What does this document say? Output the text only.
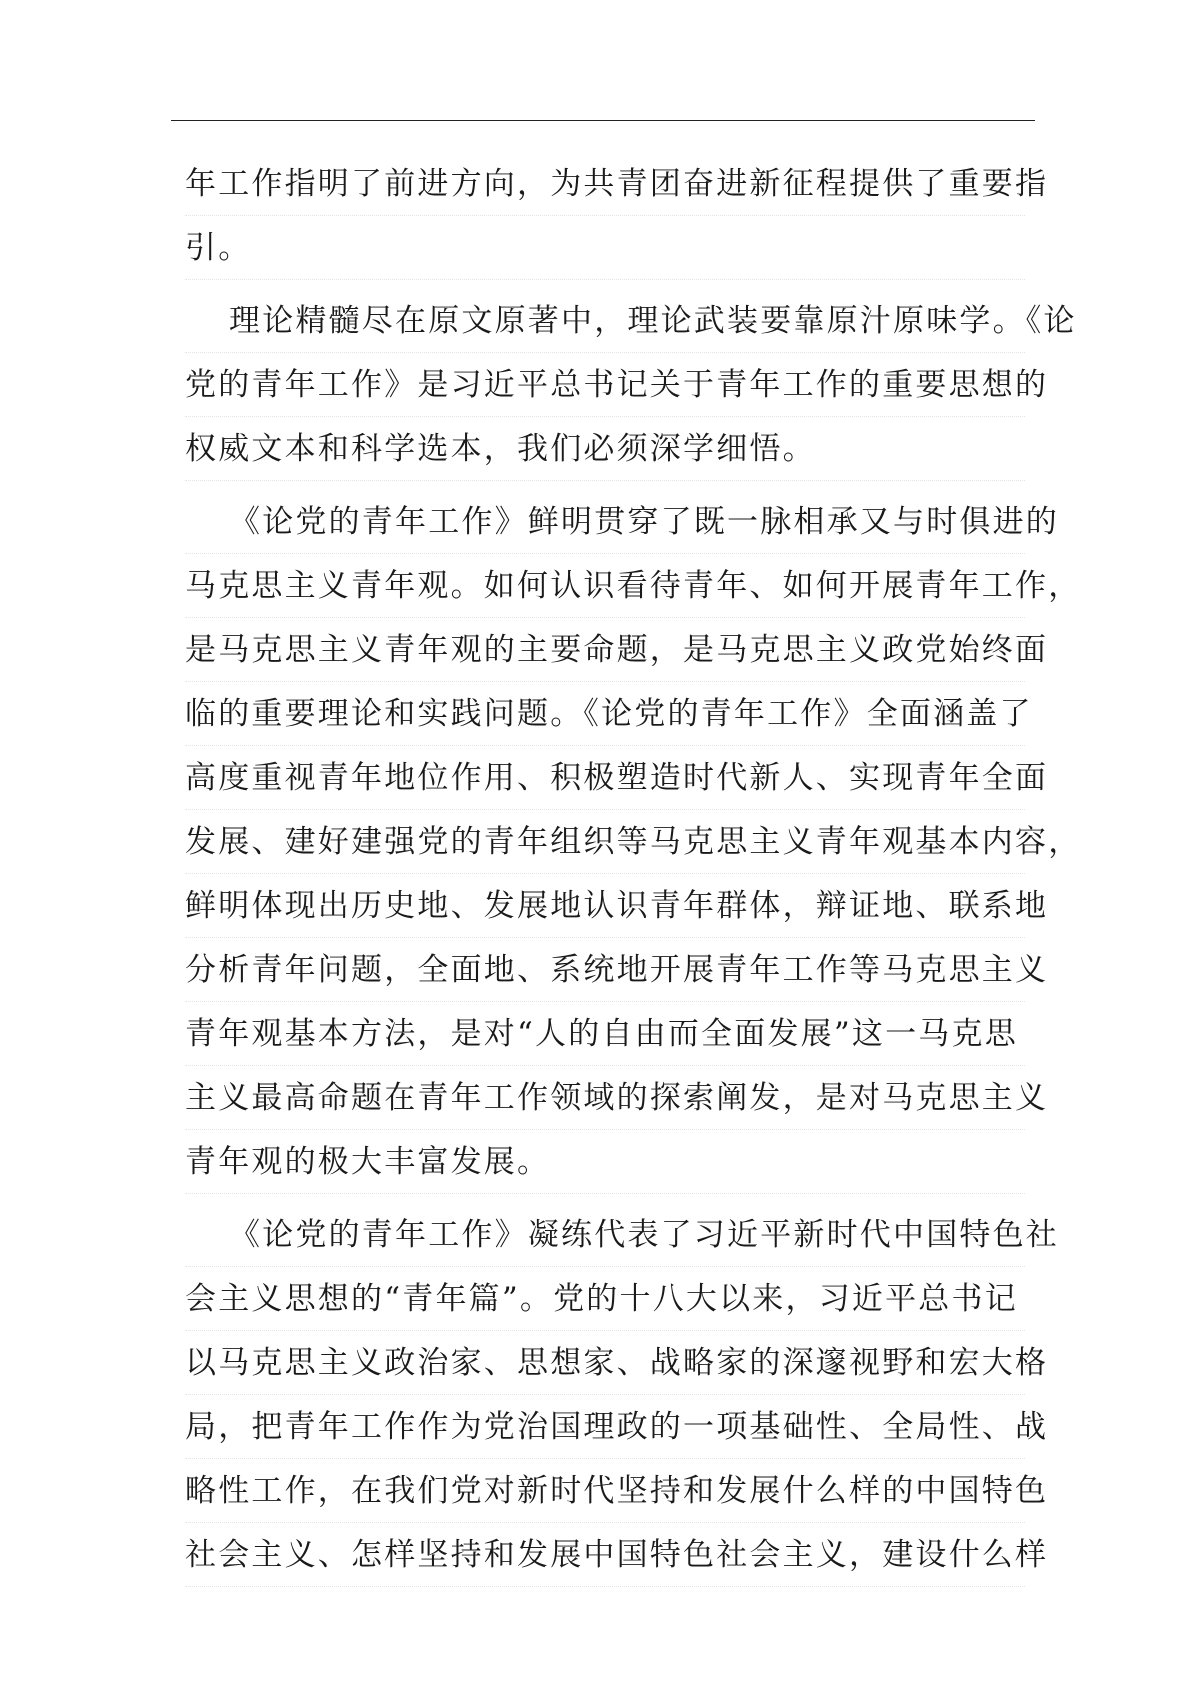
年工作指明了前进方向，为共青团奋进新征程提供了重要指
引。
理论精髓尽在原文原著中，理论武装要靠原汁原味学。《论
党的青年工作》是习近平总书记关于青年工作的重要思想的
权威文本和科学选本，我们必须深学细悟。
《论党的青年工作》鲜明贯穿了既一脉相承又与时俱进的
马克思主义青年观。如何认识看待青年、如何开展青年工作，
是马克思主义青年观的主要命题，是马克思主义政党始终面
临的重要理论和实践问题。《论党的青年工作》全面涵盖了
高度重视青年地位作用、积极塑造时代新人、实现青年全面
发展、建好建强党的青年组织等马克思主义青年观基本内容，
鲜明体现出历史地、发展地认识青年群体，辩证地、联系地
分析青年问题，全面地、系统地开展青年工作等马克思主义
青年观基本方法，是对“人的自由而全面发展”这一马克思
主义最高命题在青年工作领域的探索阐发，是对马克思主义
青年观的极大丰富发展。
《论党的青年工作》凝练代表了习近平新时代中国特色社
会主义思想的“青年篇”。党的十八大以来，习近平总书记
以马克思主义政治家、思想家、战略家的深邃视野和宏大格
局，把青年工作作为党治国理政的一项基础性、全局性、战
略性工作，在我们党对新时代坚持和发展什么样的中国特色
社会主义、怎样坚持和发展中国特色社会主义，建设什么样
